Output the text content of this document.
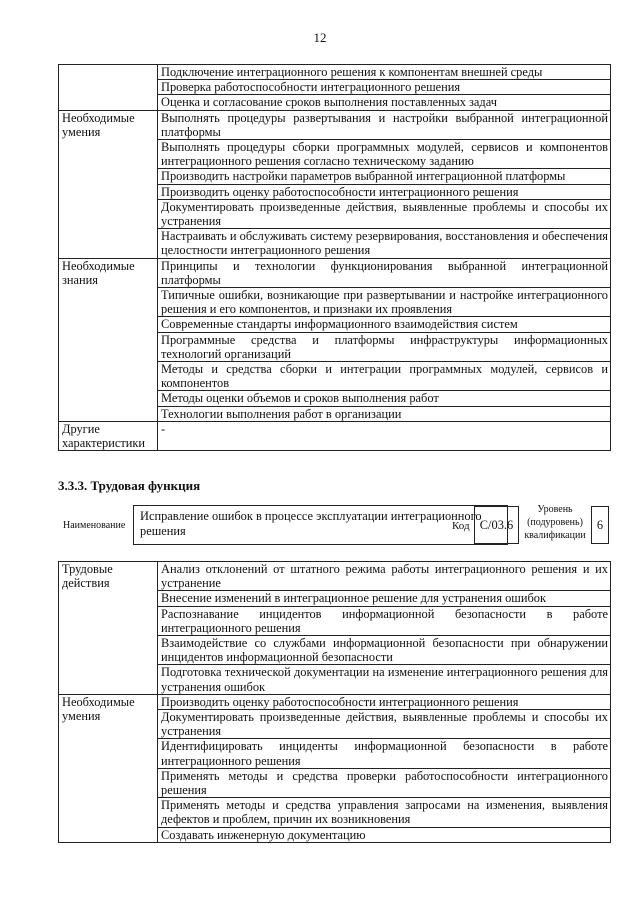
12
	Подключение интеграционного решения к компонентам внешней среды
	Проверка работоспособности интеграционного решения
	Оценка и согласование сроков выполнения поставленных задач
Необходимые умения	Выполнять процедуры развертывания и настройки выбранной интеграционной платформы
	Выполнять процедуры сборки программных модулей, сервисов и компонентов интеграционного решения согласно техническому заданию
	Производить настройки параметров выбранной интеграционной платформы
	Производить оценку работоспособности интеграционного решения
	Документировать произведенные действия, выявленные проблемы и способы их устранения
	Настраивать и обслуживать систему резервирования, восстановления и обеспечения целостности интеграционного решения
Необходимые знания	Принципы и технологии функционирования выбранной интеграционной платформы
	Типичные ошибки, возникающие при развертывании и настройке интеграционного решения и его компонентов, и признаки их проявления
	Современные стандарты информационного взаимодействия систем
	Программные средства и платформы инфраструктуры информационных технологий организаций
	Методы и средства сборки и интеграции программных модулей, сервисов и компонентов
	Методы оценки объемов и сроков выполнения работ
	Технологии выполнения работ в организации
Другие характеристики	-
3.3.3. Трудовая функция
Наименование
Исправление ошибок в процессе эксплуатации интеграционного решения	Код С/03.6
Уровень (подуровень) квалификации
6
Трудовые действия	Анализ отклонений от штатного режима работы интеграционного решения и их устранение
	Внесение изменений в интеграционное решение для устранения ошибок
	Распознавание инцидентов информационной безопасности в работе интеграционного решения
	Взаимодействие со службами информационной безопасности при обнаружении инцидентов информационной безопасности
	Подготовка технической документации на изменение интеграционного решения для устранения ошибок
Необходимые умения	Производить оценку работоспособности интеграционного решения
	Документировать произведенные действия, выявленные проблемы и способы их устранения
	Идентифицировать инциденты информационной безопасности в работе интеграционного решения
	Применять методы и средства проверки работоспособности интеграционного решения
	Применять методы и средства управления запросами на изменения, выявления дефектов и проблем, причин их возникновения
	Создавать инженерную документацию
